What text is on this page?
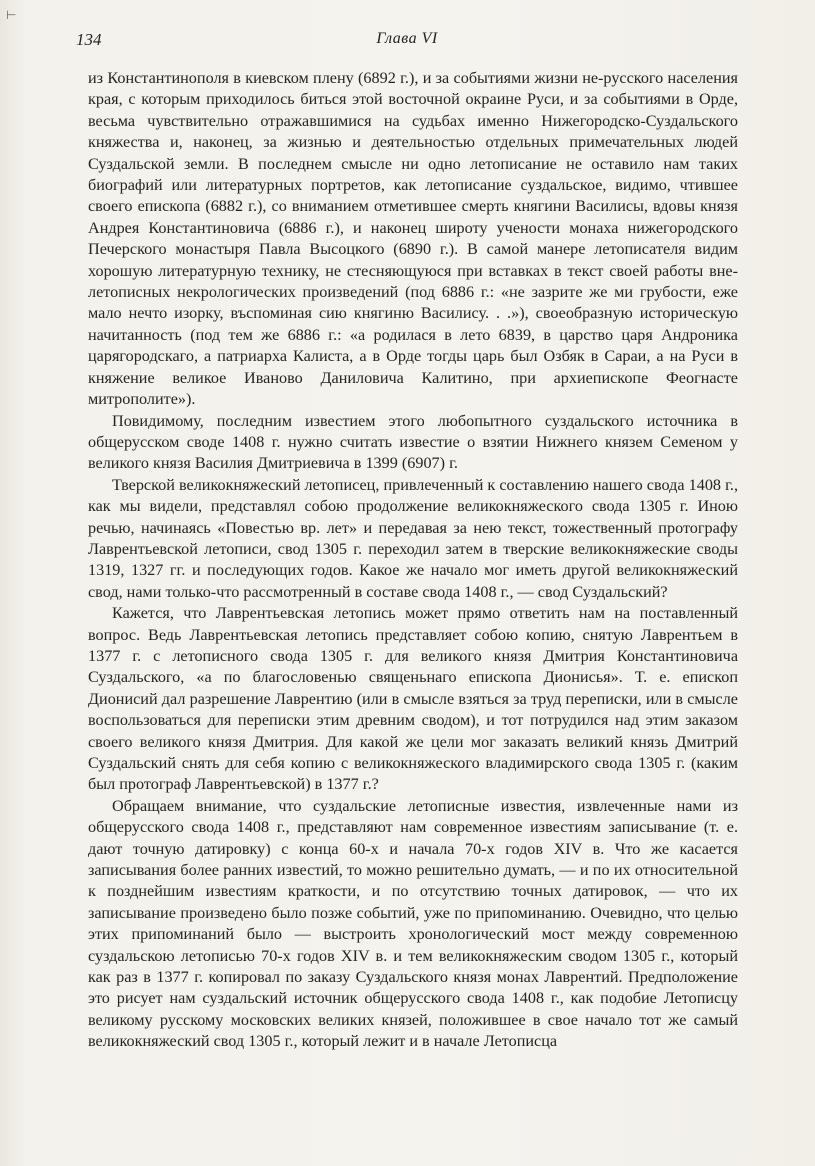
⊢
134	Глава VI

из Константинополя в киевском плену (6892 г.), и за событиями жизни не-русского населения края, с которым приходилось биться этой восточной окраине Руси, и за событиями в Орде, весьма чувствительно отражавшимися на судьбах именно Нижегородско-Суздальского княжества и, наконец, за жизнью и деятельностью отдельных примечательных людей Суздальской земли. В последнем смысле ни одно летописание не оставило нам таких биографий или литературных портретов, как летописание суздальское, видимо, чтившее своего епископа (6882 г.), со вниманием отметившее смерть княгини Василисы, вдовы князя Андрея Константиновича (6886 г.), и наконец широту учености монаха нижегородского Печерского монастыря Павла Высоцкого (6890 г.). В самой манере летописателя видим хорошую литературную технику, не стесняющуюся при вставках в текст своей работы вне-летописных некрологических произведений (под 6886 г.: «не зазрите же ми грубости, еже мало нечто изорку, въспоминая сию княгиню Василису. . .»), своеобразную историческую начитанность (под тем же 6886 г.: «а родилася в лето 6839, в царство царя Андроника царягородскаго, а патриарха Калиста, а в Орде тогды царь был Озбяк в Сараи, а на Руси в княжение великое Иваново Даниловича Калитино, при архиепископе Феогнасте митрополите»).

Повидимому, последним известием этого любопытного суздальского источника в общерусском своде 1408 г. нужно считать известие о взятии Нижнего князем Семеном у великого князя Василия Дмитриевича в 1399 (6907) г.

Тверской великокняжеский летописец, привлеченный к составлению нашего свода 1408 г., как мы видели, представлял собою продолжение великокняжеского свода 1305 г. Иною речью, начинаясь «Повестью вр. лет» и передавая за нею текст, тожественный протографу Лаврентьевской летописи, свод 1305 г. переходил затем в тверские великокняжеские своды 1319, 1327 гг. и последующих годов. Какое же начало мог иметь другой великокняжеский свод, нами только-что рассмотренный в составе свода 1408 г., — свод Суздальский?

Кажется, что Лаврентьевская летопись может прямо ответить нам на поставленный вопрос. Ведь Лаврентьевская летопись представляет собою копию, снятую Лаврентьем в 1377 г. с летописного свода 1305 г. для великого князя Дмитрия Константиновича Суздальского, «а по благословенью священьнаго епископа Дионисья». Т. е. епископ Дионисий дал разрешение Лаврентию (или в смысле взяться за труд переписки, или в смысле воспользоваться для переписки этим древним сводом), и тот потрудился над этим заказом своего великого князя Дмитрия. Для какой же цели мог заказать великий князь Дмитрий Суздальский снять для себя копию с великокняжеского владимирского свода 1305 г. (каким был протограф Лаврентьевской) в 1377 г.?

Обращаем внимание, что суздальские летописные известия, извлеченные нами из общерусского свода 1408 г., представляют нам современное известиям записывание (т. е. дают точную датировку) с конца 60-х и начала 70-х годов XIV в. Что же касается записывания более ранних известий, то можно решительно думать, — и по их относительной к позднейшим известиям краткости, и по отсутствию точных датировок, — что их записывание произведено было позже событий, уже по припоминанию. Очевидно, что целью этих припоминаний было — выстроить хронологический мост между современною суздальскою летописью 70-х годов XIV в. и тем великокняжеским сводом 1305 г., который как раз в 1377 г. копировал по заказу Суздальского князя монах Лаврентий. Предположение это рисует нам суздальский источник общерусского свода 1408 г., как подобие Летописцу великому русскому московских великих князей, положившее в свое начало тот же самый великокняжеский свод 1305 г., который лежит и в начале Летописца
